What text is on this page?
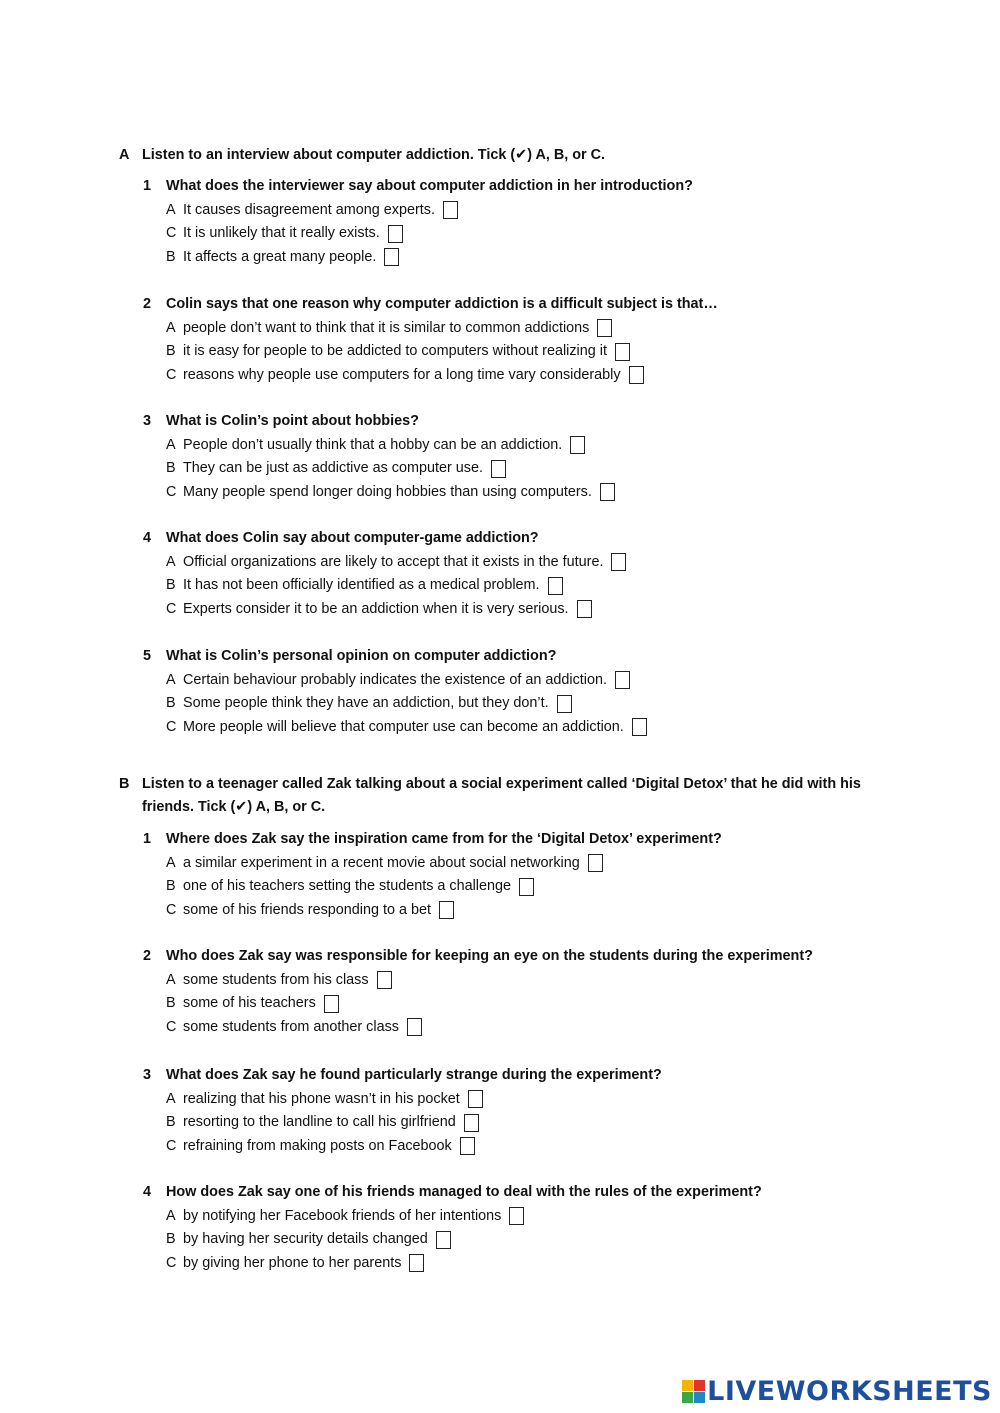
A Listen to an interview about computer addiction. Tick (✔) A, B, or C.
1	What does the interviewer say about computer addiction in her introduction?
A It causes disagreement among experts.
C It is unlikely that it really exists.
B It affects a great many people.
2	Colin says that one reason why computer addiction is a difficult subject is that…
A people don’t want to think that it is similar to common addictions
B it is easy for people to be addicted to computers without realizing it
C reasons why people use computers for a long time vary considerably
3	What is Colin’s point about hobbies?
A People don’t usually think that a hobby can be an addiction.
B They can be just as addictive as computer use.
C Many people spend longer doing hobbies than using computers.
4	What does Colin say about computer-game addiction?
A Official organizations are likely to accept that it exists in the future.
B It has not been officially identified as a medical problem.
C Experts consider it to be an addiction when it is very serious.
5	What is Colin’s personal opinion on computer addiction?
A Certain behaviour probably indicates the existence of an addiction.
B Some people think they have an addiction, but they don’t.
C More people will believe that computer use can become an addiction.
B Listen to a teenager called Zak talking about a social experiment called ‘Digital Detox’ that he did with his friends. Tick (✔) A, B, or C.
1	Where does Zak say the inspiration came from for the ‘Digital Detox’ experiment?
A a similar experiment in a recent movie about social networking
B one of his teachers setting the students a challenge
C some of his friends responding to a bet
2	Who does Zak say was responsible for keeping an eye on the students during the experiment?
A some students from his class
B some of his teachers
C some students from another class
3	What does Zak say he found particularly strange during the experiment?
A realizing that his phone wasn’t in his pocket
B resorting to the landline to call his girlfriend
C refraining from making posts on Facebook
4	How does Zak say one of his friends managed to deal with the rules of the experiment?
A by notifying her Facebook friends of her intentions
B by having her security details changed
C by giving her phone to her parents
LIVEWORKSHEETS
